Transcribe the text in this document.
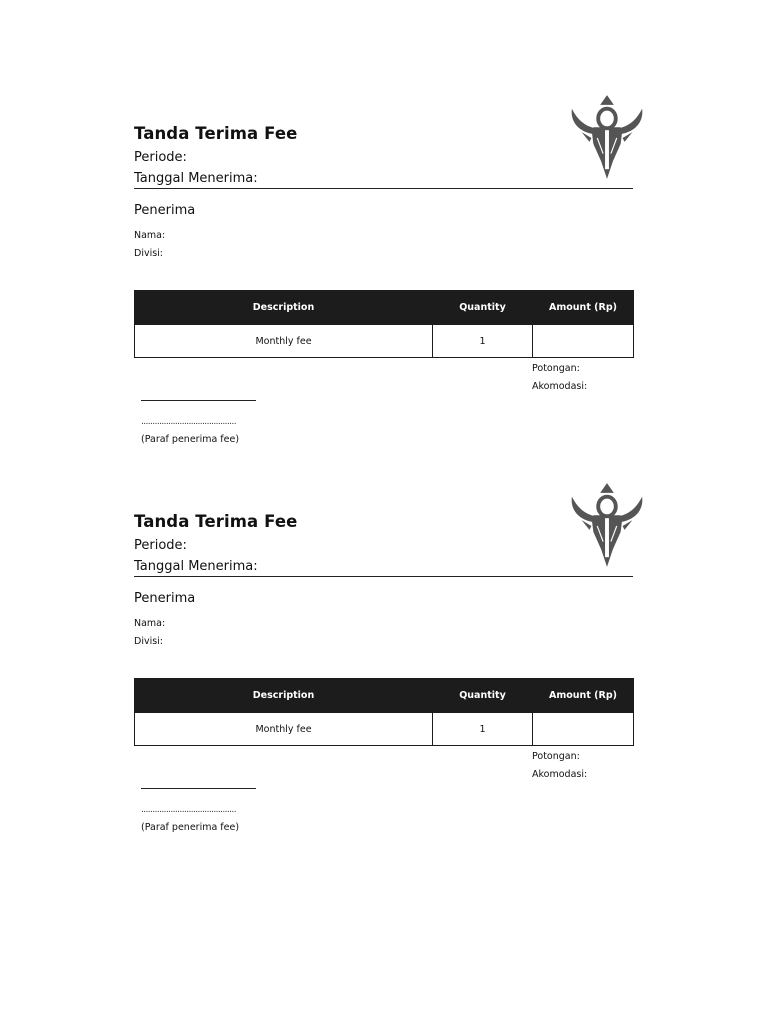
Tanda Terima Fee
Periode:
Tanggal Menerima:
Penerima
Nama:
Divisi:
Description	Quantity	Amount (Rp)
Monthly fee	1	
Potongan:
Akomodasi:
..........................................
(Paraf penerima fee)
Tanda Terima Fee
Periode:
Tanggal Menerima:
Penerima
Nama:
Divisi:
Description	Quantity	Amount (Rp)
Monthly fee	1	
Potongan:
Akomodasi:
..........................................
(Paraf penerima fee)
